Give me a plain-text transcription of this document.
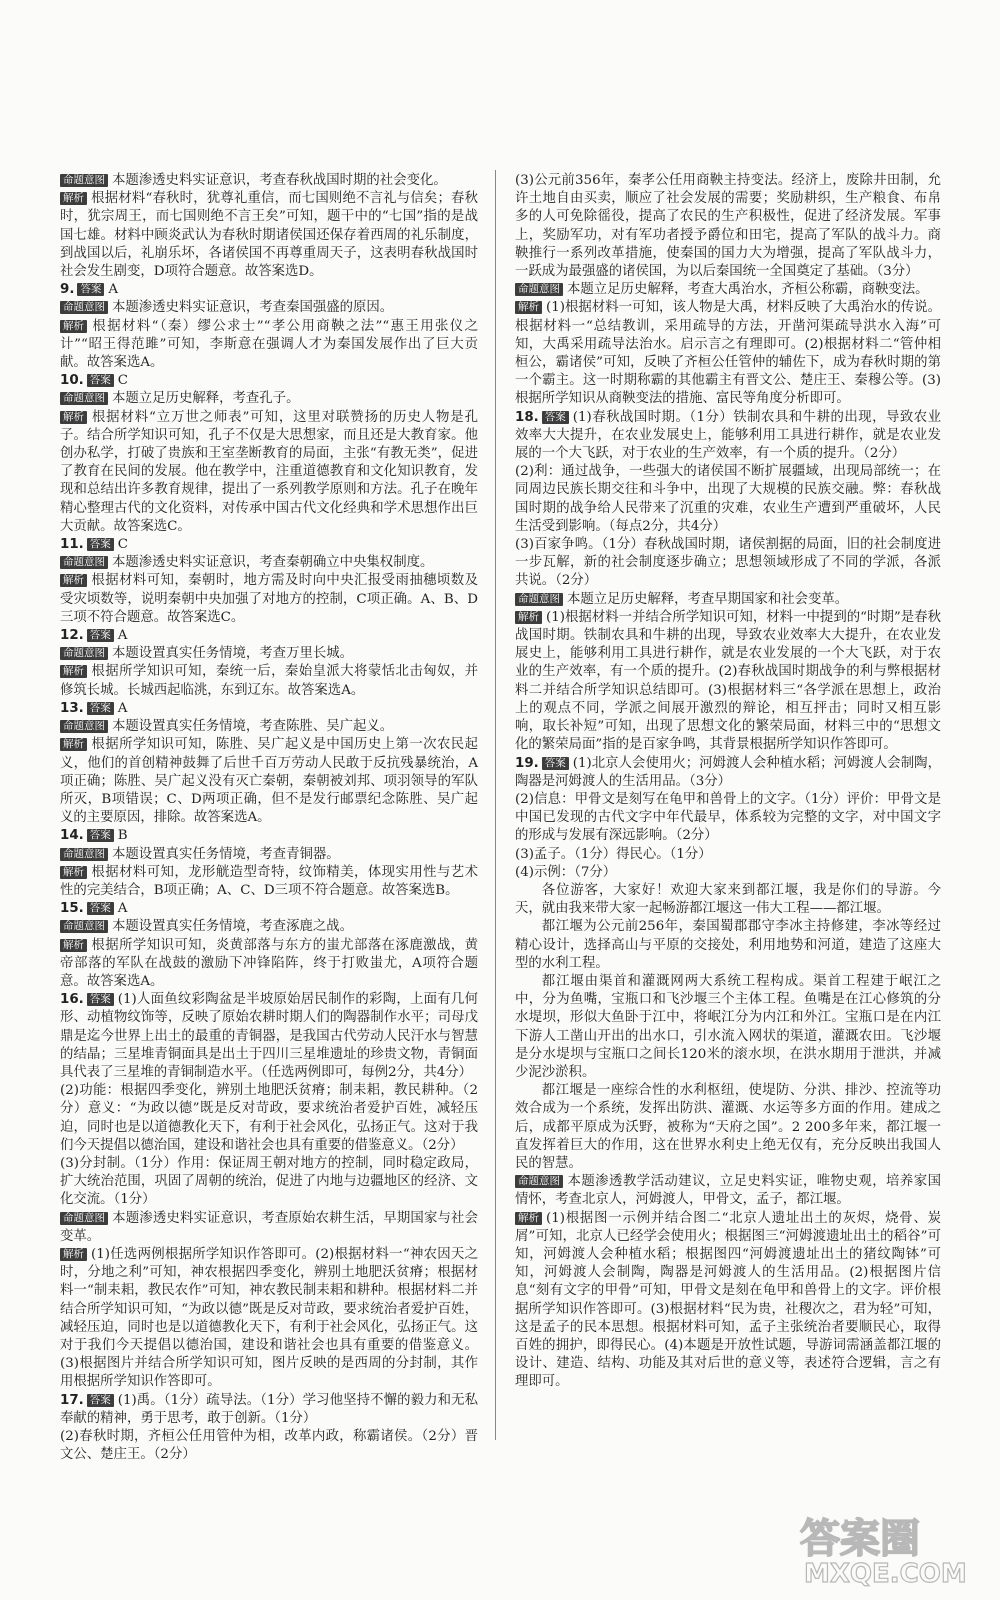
命题意图 本题渗透史料实证意识，考查春秋战国时期的社会变化。

解析 根据材料“春秋时，犹尊礼重信，而七国则绝不言礼与信矣；春秋时，犹宗周王，而七国则绝不言王矣”可知，题干中的“七国”指的是战国七雄。材料中顾炎武认为春秋时期诸侯国还保存着西周的礼乐制度，到战国以后，礼崩乐坏，各诸侯国不再尊重周天子，这表明春秋战国时社会发生剧变，D项符合题意。故答案选D。

9. 答案 A

命题意图 本题渗透史料实证意识，考查秦国强盛的原因。

解析 根据材料“（秦）缪公求士”“孝公用商鞅之法”“惠王用张仪之计”“昭王得范雎”可知，李斯意在强调人才为秦国发展作出了巨大贡献。故答案选A。

10. 答案 C

命题意图 本题立足历史解释，考查孔子。

解析 根据材料“立万世之师表”可知，这里对联赞扬的历史人物是孔子。结合所学知识可知，孔子不仅是大思想家，而且还是大教育家。他创办私学，打破了贵族和王室垄断教育的局面，主张“有教无类”，促进了教育在民间的发展。他在教学中，注重道德教育和文化知识教育，发现和总结出许多教育规律，提出了一系列教学原则和方法。孔子在晚年精心整理古代的文化资料，对传承中国古代文化经典和学术思想作出巨大贡献。故答案选C。

11. 答案 C

命题意图 本题渗透史料实证意识，考查秦朝确立中央集权制度。

解析 根据材料可知，秦朝时，地方需及时向中央汇报受雨抽穗顷数及受灾顷数等，说明秦朝中央加强了对地方的控制，C项正确。A、B、D三项不符合题意。故答案选C。

12. 答案 A

命题意图 本题设置真实任务情境，考查万里长城。

解析 根据所学知识可知，秦统一后，秦始皇派大将蒙恬北击匈奴，并修筑长城。长城西起临洮，东到辽东。故答案选A。

13. 答案 A

命题意图 本题设置真实任务情境，考查陈胜、吴广起义。

解析 根据所学知识可知，陈胜、吴广起义是中国历史上第一次农民起义，他们的首创精神鼓舞了后世千百万劳动人民敢于反抗残暴统治，A项正确；陈胜、吴广起义没有灭亡秦朝，秦朝被刘邦、项羽领导的军队所灭，B项错误；C、D两项正确，但不是发行邮票纪念陈胜、吴广起义的主要原因，排除。故答案选A。

14. 答案 B

命题意图 本题设置真实任务情境，考查青铜器。

解析 根据材料可知，龙形觥造型奇特，纹饰精美，体现实用性与艺术性的完美结合，B项正确；A、C、D三项不符合题意。故答案选B。

15. 答案 A

命题意图 本题设置真实任务情境，考查涿鹿之战。

解析 根据所学知识可知，炎黄部落与东方的蚩尤部落在涿鹿激战，黄帝部落的军队在战鼓的激励下冲锋陷阵，终于打败蚩尤，A项符合题意。故答案选A。

16. 答案 (1)人面鱼纹彩陶盆是半坡原始居民制作的彩陶，上面有几何形、动植物纹饰等，反映了原始农耕时期人们的陶器制作水平；司母戊鼎是迄今世界上出土的最重的青铜器，是我国古代劳动人民汗水与智慧的结晶；三星堆青铜面具是出土于四川三星堆遗址的珍贵文物，青铜面具代表了三星堆的青铜制造水平。（任选两例即可，每例2分，共4分）

(2)功能：根据四季变化，辨别土地肥沃贫瘠；制耒耜，教民耕种。（2分）意义：“为政以德”既是反对苛政，要求统治者爱护百姓，减轻压迫，同时也是以道德教化天下，有利于社会风化，弘扬正气。这对于我们今天提倡以德治国，建设和谐社会也具有重要的借鉴意义。（2分）

(3)分封制。（1分）作用：保证周王朝对地方的控制，同时稳定政局，扩大统治范围，巩固了周朝的统治，促进了内地与边疆地区的经济、文化交流。（1分）

命题意图 本题渗透史料实证意识，考查原始农耕生活，早期国家与社会变革。

解析 (1)任选两例根据所学知识作答即可。(2)根据材料一“神农因天之时，分地之利”可知，神农根据四季变化，辨别土地肥沃贫瘠；根据材料一“制耒耜，教民农作”可知，神农教民制耒耜和耕种。根据材料二并结合所学知识可知，“为政以德”既是反对苛政，要求统治者爱护百姓，减轻压迫，同时也是以道德教化天下，有利于社会风化，弘扬正气。这对于我们今天提倡以德治国，建设和谐社会也具有重要的借鉴意义。(3)根据图片并结合所学知识可知，图片反映的是西周的分封制，其作用根据所学知识作答即可。

17. 答案 (1)禹。（1分）疏导法。（1分）学习他坚持不懈的毅力和无私奉献的精神，勇于思考，敢于创新。（1分）

(2)春秋时期，齐桓公任用管仲为相，改革内政，称霸诸侯。（2分）晋文公、楚庄王。（2分）

(3)公元前356年，秦孝公任用商鞅主持变法。经济上，废除井田制，允许土地自由买卖，顺应了社会发展的需要；奖励耕织，生产粮食、布帛多的人可免除徭役，提高了农民的生产积极性，促进了经济发展。军事上，奖励军功，对有军功者授予爵位和田宅，提高了军队的战斗力。商鞅推行一系列改革措施，使秦国的国力大为增强，提高了军队战斗力，一跃成为最强盛的诸侯国，为以后秦国统一全国奠定了基础。（3分）

命题意图 本题立足历史解释，考查大禹治水，齐桓公称霸，商鞅变法。

解析 (1)根据材料一可知，该人物是大禹，材料反映了大禹治水的传说。根据材料一“总结教训，采用疏导的方法，开凿河渠疏导洪水入海”可知，大禹采用疏导法治水。启示言之有理即可。(2)根据材料二“管仲相桓公，霸诸侯”可知，反映了齐桓公任管仲的辅佐下，成为春秋时期的第一个霸主。这一时期称霸的其他霸主有晋文公、楚庄王、秦穆公等。(3)根据所学知识从商鞅变法的措施、富民等角度分析即可。

18. 答案 (1)春秋战国时期。（1分）铁制农具和牛耕的出现，导致农业效率大大提升，在农业发展史上，能够利用工具进行耕作，就是农业发展的一个大飞跃，对于农业的生产效率，有一个质的提升。（2分）

(2)利：通过战争，一些强大的诸侯国不断扩展疆域，出现局部统一；在同周边民族长期交往和斗争中，出现了大规模的民族交融。弊：春秋战国时期的战争给人民带来了沉重的灾难，农业生产遭到严重破坏，人民生活受到影响。（每点2分，共4分）

(3)百家争鸣。（1分）春秋战国时期，诸侯割据的局面，旧的社会制度进一步瓦解，新的社会制度逐步确立；思想领域形成了不同的学派，各派共说。（2分）

命题意图 本题立足历史解释，考查早期国家和社会变革。

解析 (1)根据材料一并结合所学知识可知，材料一中提到的“时期”是春秋战国时期。铁制农具和牛耕的出现，导致农业效率大大提升，在农业发展史上，能够利用工具进行耕作，就是农业发展的一个大飞跃，对于农业的生产效率，有一个质的提升。(2)春秋战国时期战争的利与弊根据材料二并结合所学知识总结即可。(3)根据材料三“各学派在思想上，政治上的观点不同，学派之间展开激烈的辩论，相互抨击；同时又相互影响，取长补短”可知，出现了思想文化的繁荣局面，材料三中的“思想文化的繁荣局面”指的是百家争鸣，其背景根据所学知识作答即可。

19. 答案 (1)北京人会使用火；河姆渡人会种植水稻；河姆渡人会制陶，陶器是河姆渡人的生活用品。（3分）

(2)信息：甲骨文是刻写在龟甲和兽骨上的文字。（1分）评价：甲骨文是中国已发现的古代文字中年代最早，体系较为完整的文字，对中国文字的形成与发展有深远影响。（2分）

(3)孟子。（1分）得民心。（1分）

(4)示例：（7分）

各位游客，大家好！欢迎大家来到都江堰，我是你们的导游。今天，就由我来带大家一起畅游都江堰这一伟大工程——都江堰。

都江堰为公元前256年，秦国蜀郡郡守李冰主持修建，李冰等经过精心设计，选择高山与平原的交接处，利用地势和河道，建造了这座大型的水利工程。

都江堰由渠首和灌溉网两大系统工程构成。渠首工程建于岷江之中，分为鱼嘴，宝瓶口和飞沙堰三个主体工程。鱼嘴是在江心修筑的分水堤坝，形似大鱼卧于江中，将岷江分为内江和外江。宝瓶口是在内江下游人工凿山开出的出水口，引水流入网状的渠道，灌溉农田。飞沙堰是分水堤坝与宝瓶口之间长120米的滚水坝，在洪水期用于泄洪，并减少泥沙淤积。

都江堰是一座综合性的水利枢纽，使堤防、分洪、排沙、控流等功效合成为一个系统，发挥出防洪、灌溉、水运等多方面的作用。建成之后，成都平原成为沃野，被称为“天府之国”。2 200多年来，都江堰一直发挥着巨大的作用，这在世界水利史上绝无仅有，充分反映出我国人民的智慧。

命题意图 本题渗透教学活动建议，立足史料实证，唯物史观，培养家国情怀，考查北京人，河姆渡人，甲骨文，孟子，都江堰。

解析 (1)根据图一示例并结合图二“北京人遗址出土的灰烬，烧骨、炭屑”可知，北京人已经学会使用火；根据图三“河姆渡遗址出土的稻谷”可知，河姆渡人会种植水稻；根据图四“河姆渡遗址出土的猪纹陶钵”可知，河姆渡人会制陶，陶器是河姆渡人的生活用品。(2)根据图片信息“刻有文字的甲骨”可知，甲骨文是刻在龟甲和兽骨上的文字。评价根据所学知识作答即可。(3)根据材料“民为贵，社稷次之，君为轻”可知，这是孟子的民本思想。根据材料可知，孟子主张统治者要顺民心，取得百姓的拥护，即得民心。(4)本题是开放性试题，导游词需涵盖都江堰的设计、建造、结构、功能及其对后世的意义等，表述符合逻辑，言之有理即可。

答案圈
MXQE.COM
